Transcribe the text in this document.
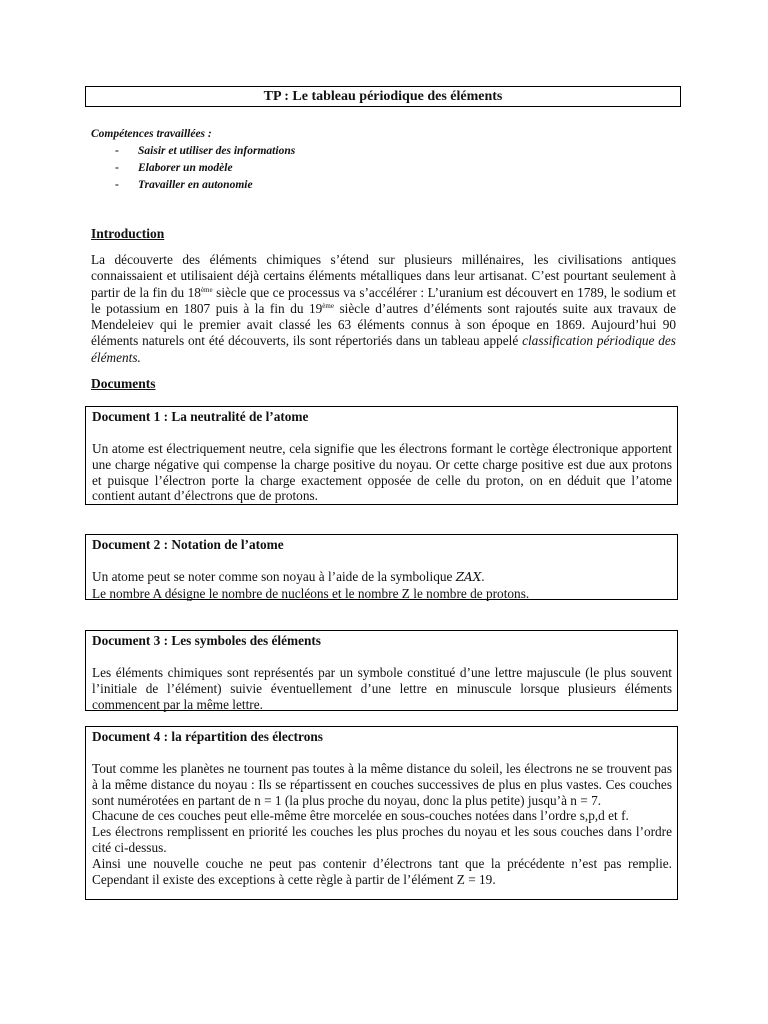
TP : Le tableau périodique des éléments
Compétences travaillées :
- Saisir et utiliser des informations
- Elaborer un modèle
- Travailler en autonomie
Introduction
La découverte des éléments chimiques s’étend sur plusieurs millénaires, les civilisations antiques connaissaient et utilisaient déjà certains éléments métalliques dans leur artisanat. C’est pourtant seulement à partir de la fin du 18ème siècle que ce processus va s’accélérer : L’uranium est découvert en 1789, le sodium et le potassium en 1807 puis à la fin du 19ème siècle d’autres d’éléments sont rajoutés suite aux travaux de Mendeleiev qui le premier avait classé les 63 éléments connus à son époque en 1869. Aujourd’hui 90 éléments naturels ont été découverts, ils sont répertoriés dans un tableau appelé classification périodique des éléments.
Documents
Document 1 : La neutralité de l’atome

Un atome est électriquement neutre, cela signifie que les électrons formant le cortège électronique apportent une charge négative qui compense la charge positive du noyau. Or cette charge positive est due aux protons et puisque l’électron porte la charge exactement opposée de celle du proton, on en déduit que l’atome contient autant d’électrons que de protons.

Document 2 : Notation de l’atome

Un atome peut se noter comme son noyau à l’aide de la symbolique ZAX.

Le nombre A désigne le nombre de nucléons et le nombre Z le nombre de protons.

Document 3 : Les symboles des éléments

Les éléments chimiques sont représentés par un symbole constitué d’une lettre majuscule (le plus souvent l’initiale de l’élément) suivie éventuellement d’une lettre en minuscule lorsque plusieurs éléments commencent par la même lettre.

Document 4 : la répartition des électrons

Tout comme les planètes ne tournent pas toutes à la même distance du soleil, les électrons ne se trouvent pas à la même distance du noyau : Ils se répartissent en couches successives de plus en plus vastes. Ces couches sont numérotées en partant de n = 1 (la plus proche du noyau, donc la plus petite) jusqu’à n = 7.

Chacune de ces couches peut elle-même être morcelée en sous-couches notées dans l’ordre s,p,d et f.

Les électrons remplissent en priorité les couches les plus proches du noyau et les sous couches dans l’ordre cité ci-dessus.

Ainsi une nouvelle couche ne peut pas contenir d’électrons tant que la précédente n’est pas remplie. Cependant il existe des exceptions à cette règle à partir de l’élément Z = 19.
